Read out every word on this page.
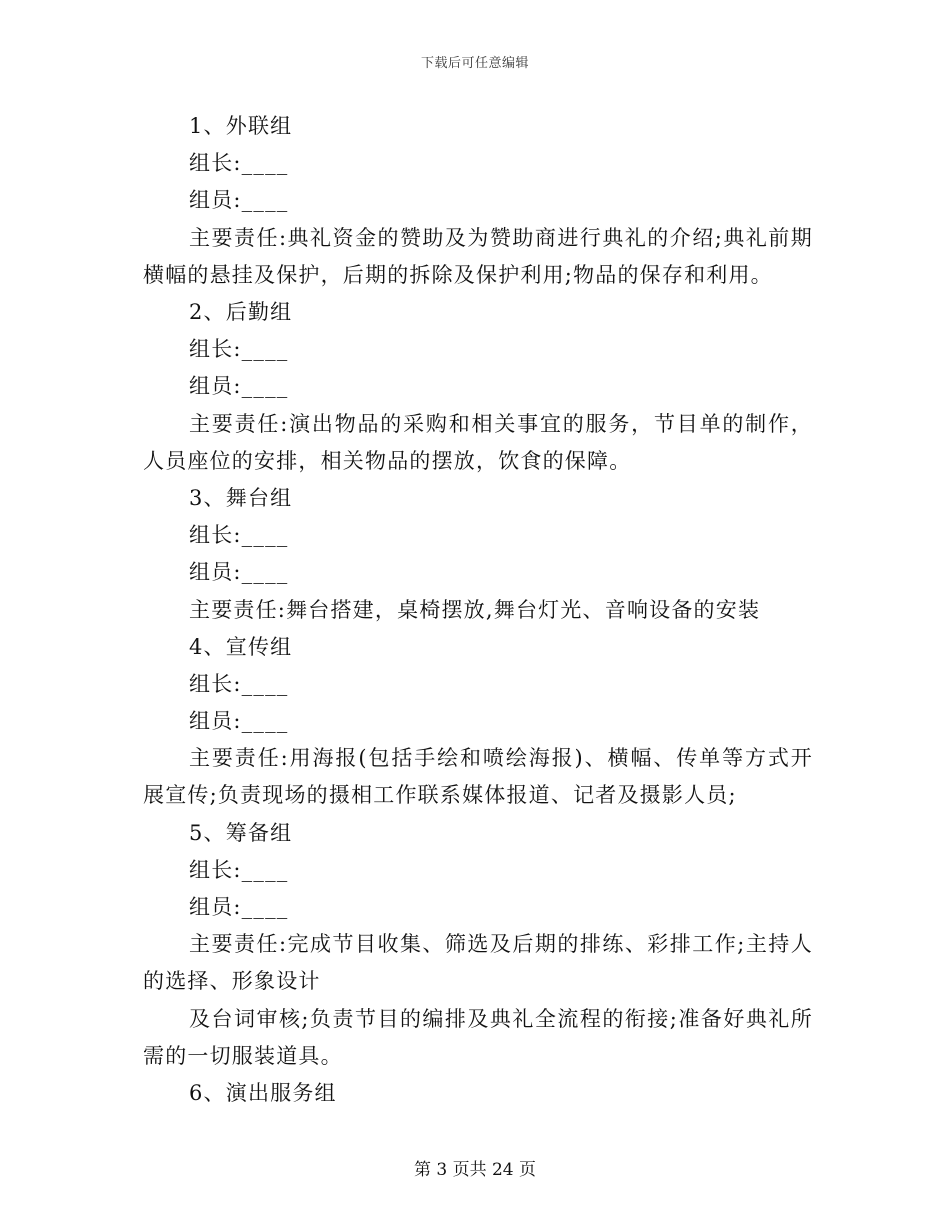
下载后可任意编辑
1、外联组
组长:____
组员:____
主要责任:典礼资金的赞助及为赞助商进行典礼的介绍;典礼前期横幅的悬挂及保护，后期的拆除及保护利用;物品的保存和利用。
2、后勤组
组长:____
组员:____
主要责任:演出物品的采购和相关事宜的服务，节目单的制作，人员座位的安排，相关物品的摆放，饮食的保障。
3、舞台组
组长:____
组员:____
主要责任:舞台搭建，桌椅摆放,舞台灯光、音响设备的安装
4、宣传组
组长:____
组员:____
主要责任:用海报(包括手绘和喷绘海报)、横幅、传单等方式开展宣传;负责现场的摄相工作联系媒体报道、记者及摄影人员;
5、筹备组
组长:____
组员:____
主要责任:完成节目收集、筛选及后期的排练、彩排工作;主持人的选择、形象设计
及台词审核;负责节目的编排及典礼全流程的衔接;准备好典礼所需的一切服装道具。
6、演出服务组
第 3 页共 24 页
